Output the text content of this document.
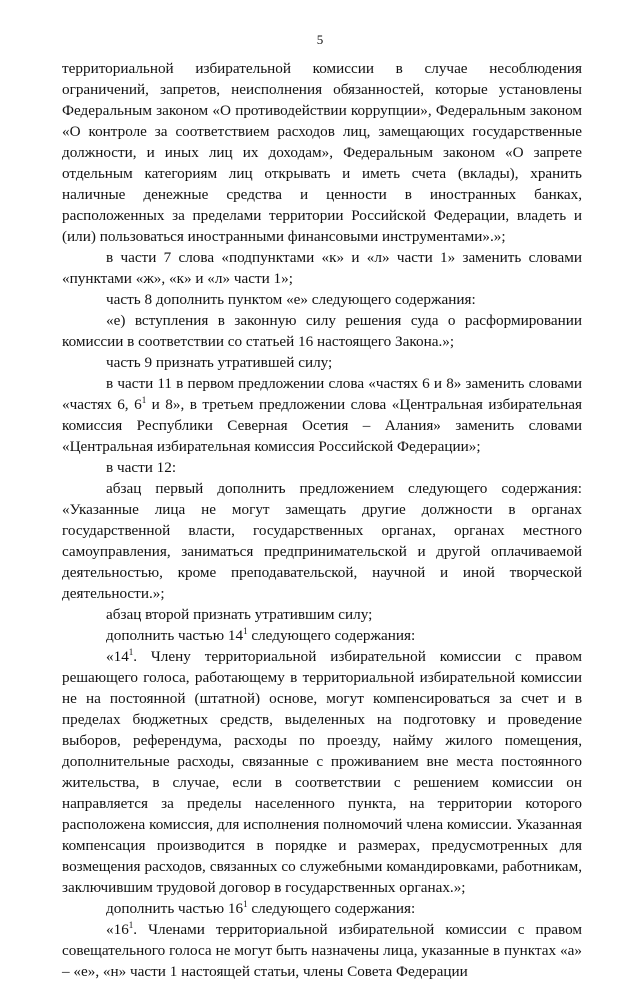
5

территориальной избирательной комиссии в случае несоблюдения ограничений, запретов, неисполнения обязанностей, которые установлены Федеральным законом «О противодействии коррупции», Федеральным законом «О контроле за соответствием расходов лиц, замещающих государственные должности, и иных лиц их доходам», Федеральным законом «О запрете отдельным категориям лиц открывать и иметь счета (вклады), хранить наличные денежные средства и ценности в иностранных банках, расположенных за пределами территории Российской Федерации, владеть и (или) пользоваться иностранными финансовыми инструментами».»;

в части 7 слова «подпунктами «к» и «л» части 1» заменить словами «пунктами «ж», «к» и «л» части 1»;

часть 8 дополнить пунктом «е» следующего содержания:

«е) вступления в законную силу решения суда о расформировании комиссии в соответствии со статьей 16 настоящего Закона.»;

часть 9 признать утратившей силу;

в части 11 в первом предложении слова «частях 6 и 8» заменить словами «частях 6, $6^1$ и 8», в третьем предложении слова «Центральная избирательная комиссия Республики Северная Осетия – Алания» заменить словами «Центральная избирательная комиссия Российской Федерации»;

в части 12:

абзац первый дополнить предложением следующего содержания: «Указанные лица не могут замещать другие должности в органах государственной власти, государственных органах, органах местного самоуправления, заниматься предпринимательской и другой оплачиваемой деятельностью, кроме преподавательской, научной и иной творческой деятельности.»;

абзац второй признать утратившим силу;

дополнить частью $14^1$ следующего содержания:

«$14^1$. Члену территориальной избирательной комиссии с правом решающего голоса, работающему в территориальной избирательной комиссии не на постоянной (штатной) основе, могут компенсироваться за счет и в пределах бюджетных средств, выделенных на подготовку и проведение выборов, референдума, расходы по проезду, найму жилого помещения, дополнительные расходы, связанные с проживанием вне места постоянного жительства, в случае, если в соответствии с решением комиссии он направляется за пределы населенного пункта, на территории которого расположена комиссия, для исполнения полномочий члена комиссии. Указанная компенсация производится в порядке и размерах, предусмотренных для возмещения расходов, связанных со служебными командировками, работникам, заключившим трудовой договор в государственных органах.»;

дополнить частью $16^1$ следующего содержания:

«$16^1$. Членами территориальной избирательной комиссии с правом совещательного голоса не могут быть назначены лица, указанные в пунктах «а» – «е», «н» части 1 настоящей статьи, члены Совета Федерации
